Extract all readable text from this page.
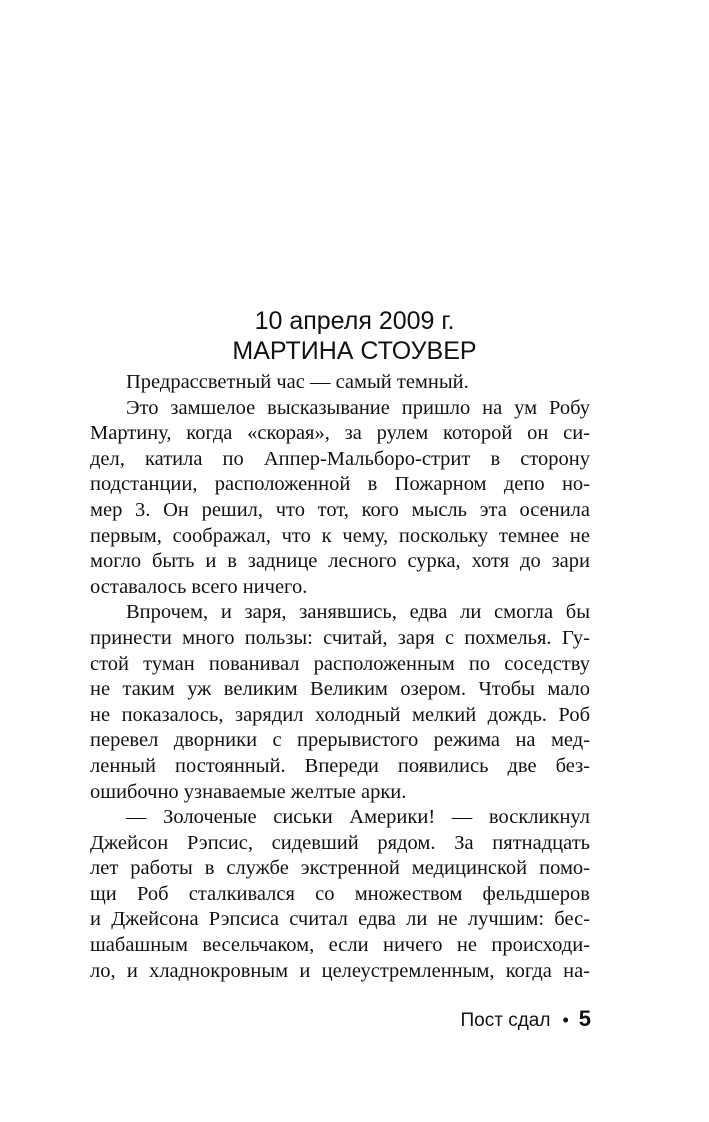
10 апреля 2009 г.
МАРТИНА СТОУВЕР
Предрассветный час — самый темный.
Это замшелое высказывание пришло на ум Робу
Мартину, когда «скорая», за рулем которой он си-
дел, катила по Аппер-Мальборо-стрит в сторону
подстанции, расположенной в Пожарном депо но-
мер 3. Он решил, что тот, кого мысль эта осенила
первым, соображал, что к чему, поскольку темнее не
могло быть и в заднице лесного сурка, хотя до зари
оставалось всего ничего.
Впрочем, и заря, занявшись, едва ли смогла бы
принести много пользы: считай, заря с похмелья. Гу-
стой туман пованивал расположенным по соседству
не таким уж великим Великим озером. Чтобы мало
не показалось, зарядил холодный мелкий дождь. Роб
перевел дворники с прерывистого режима на мед-
ленный постоянный. Впереди появились две без-
ошибочно узнаваемые желтые арки.
— Золоченые сиськи Америки! — воскликнул
Джейсон Рэпсис, сидевший рядом. За пятнадцать
лет работы в службе экстренной медицинской помо-
щи Роб сталкивался со множеством фельдшеров
и Джейсона Рэпсиса считал едва ли не лучшим: бес-
шабашным весельчаком, если ничего не происходи-
ло, и хладнокровным и целеустремленным, когда на-
Пост сдал • 5
